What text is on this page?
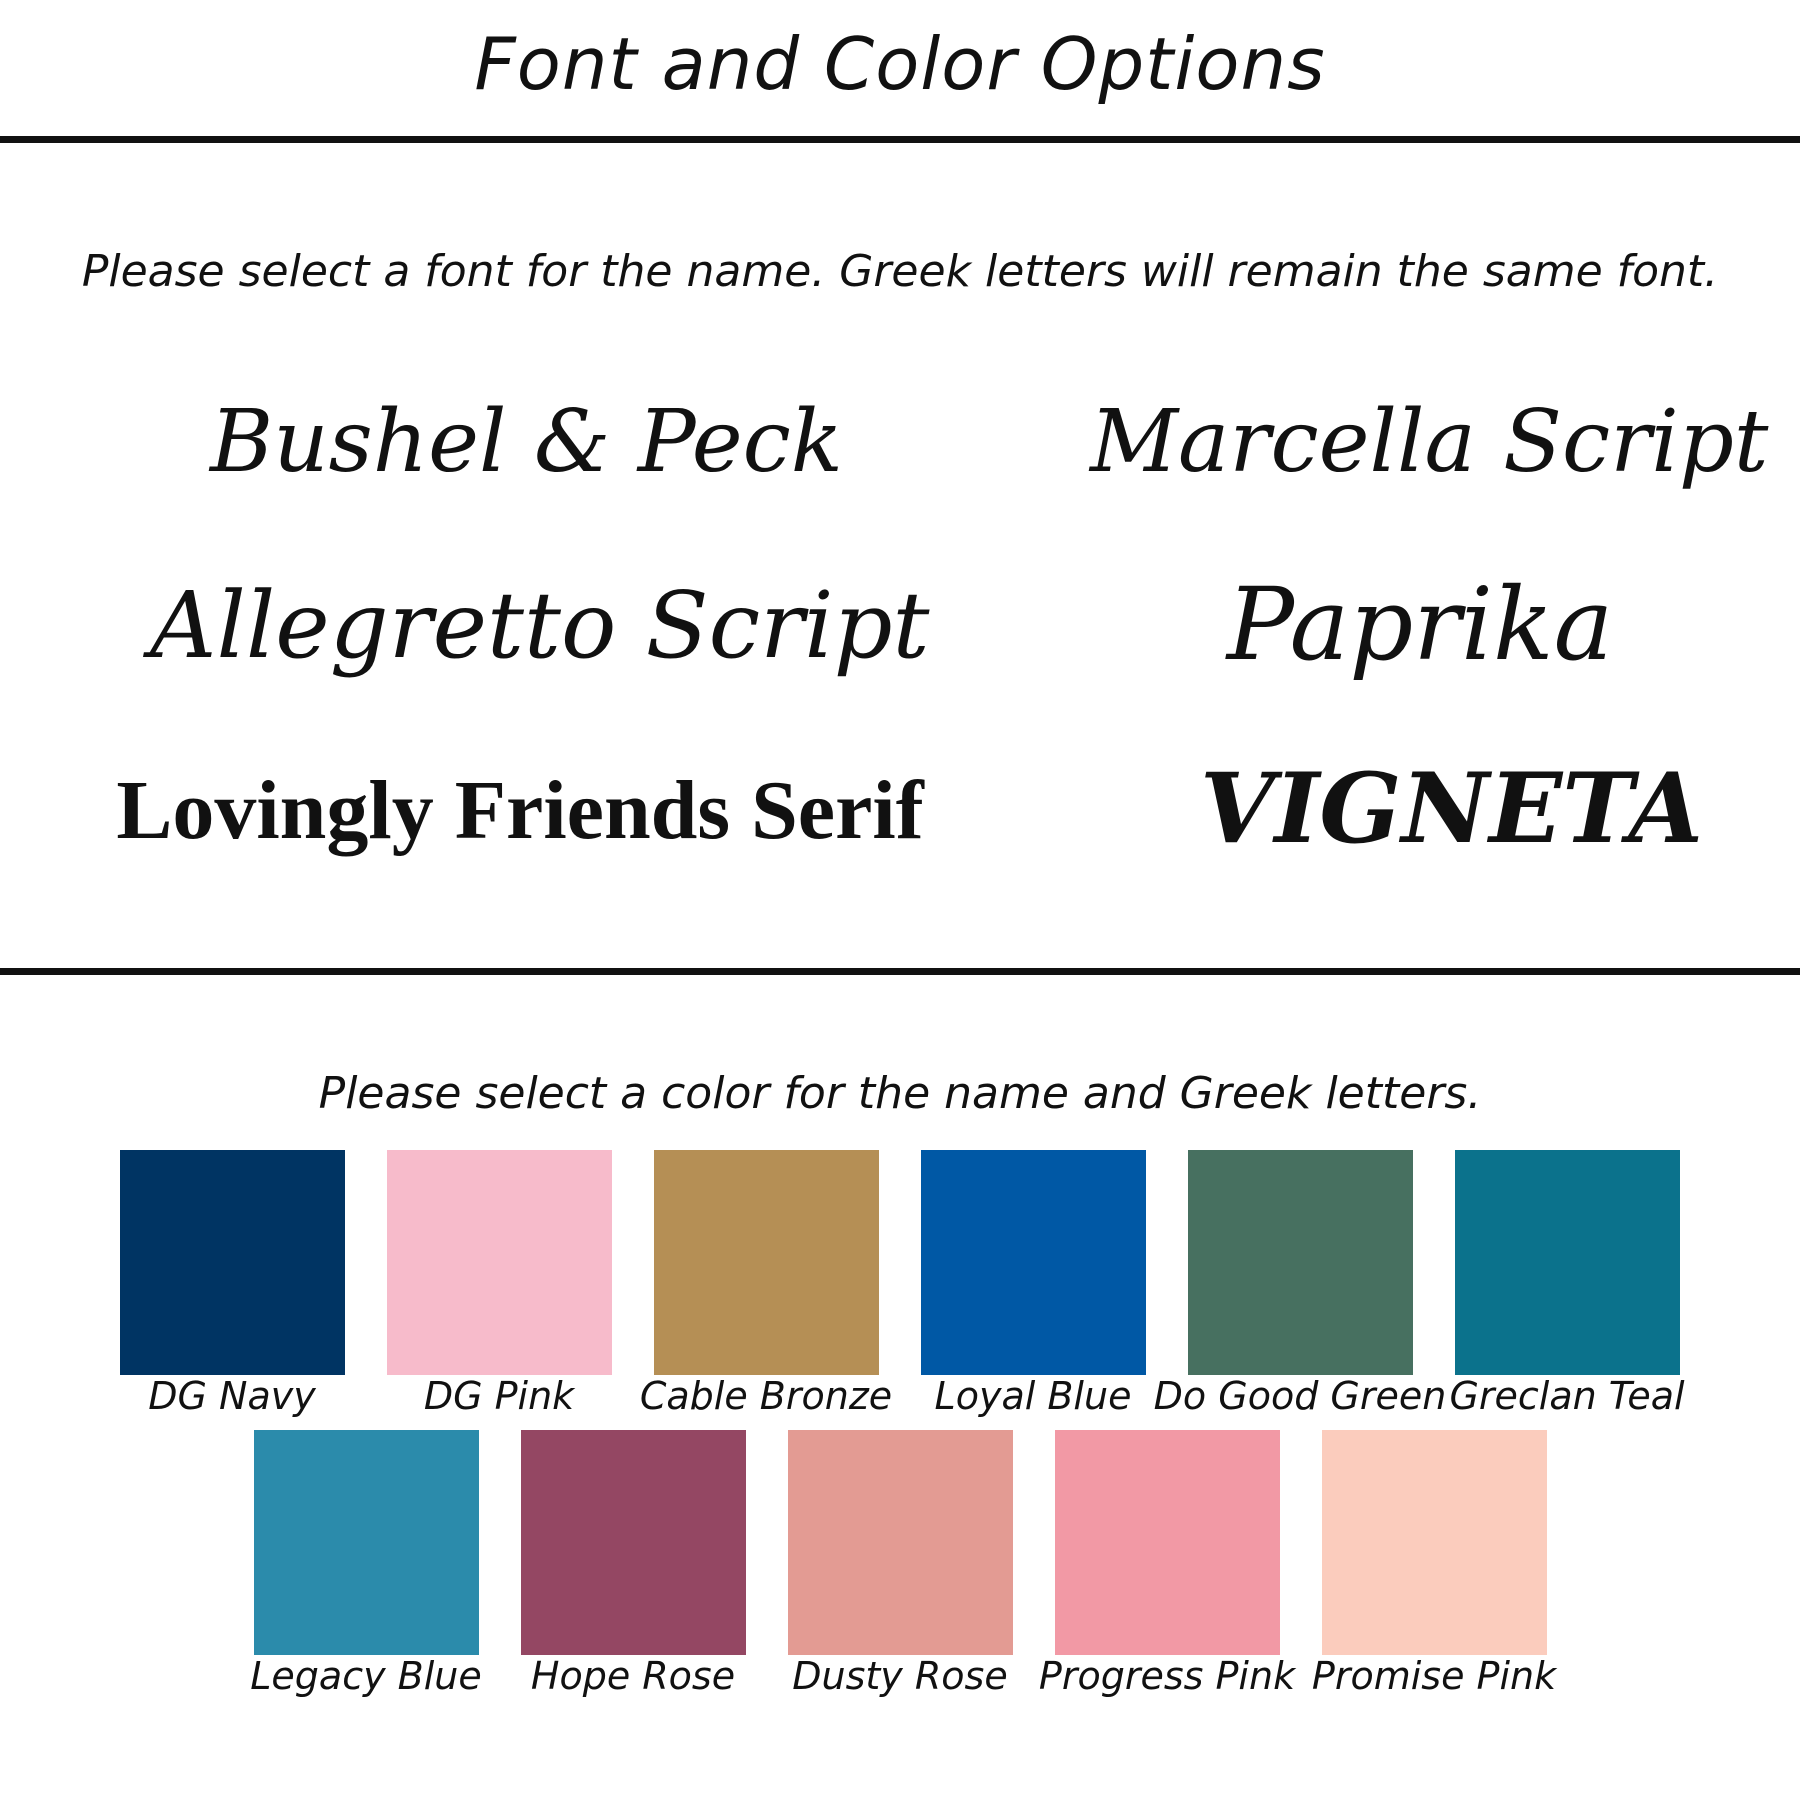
Font and Color Options
Please select a font for the name. Greek letters will remain the same font.
Bushel & Peck	Marcella Script
Allegretto Script	Paprika
Lovingly Friends Serif	VIGNETA
Please select a color for the name and Greek letters.
DG Navy	DG Pink	Cable Bronze	Loyal Blue Do Good Green Greclan Teal
Legacy Blue	Hope Rose	Dusty Rose Progress Pink Promise Pink
